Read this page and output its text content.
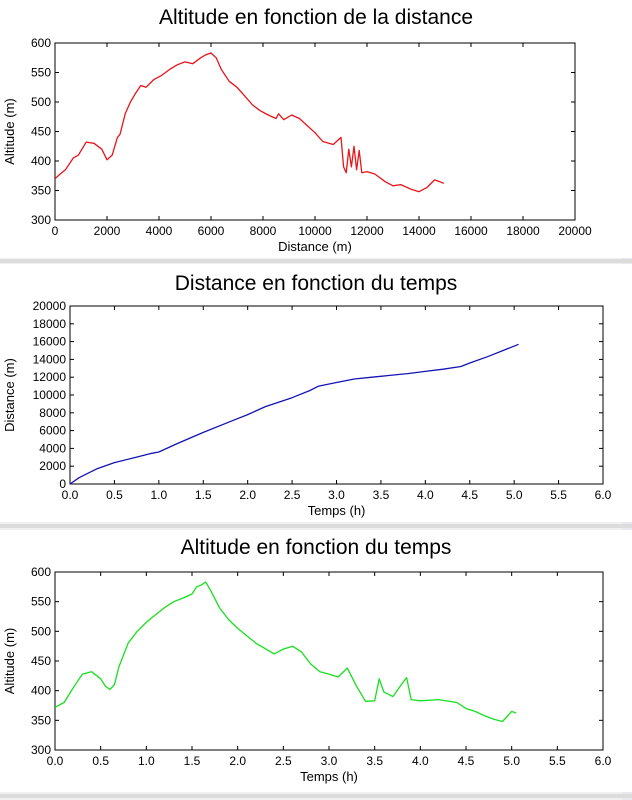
Altitude en fonction de la distance
0	2000 4000 6000 8000 10000 12000 14000 16000 18000 20000
300
350
400
450
500
550
600
Distance (m)
Altitude (m)
Distance en fonction du temps
0.0 0.5 1.0 1.5 2.0 2.5 3.0 3.5 4.0 4.5 5.0 5.5 6.0
0
2000
4000
6000
8000
10000
12000
14000
16000
18000
20000
Temps (h)
Distance (m)
Altitude en fonction du temps
0.0 0.5 1.0 1.5 2.0 2.5 3.0 3.5 4.0 4.5 5.0 5.5 6.0
300
350
400
450
500
550
600
Temps (h)
Altitude (m)
